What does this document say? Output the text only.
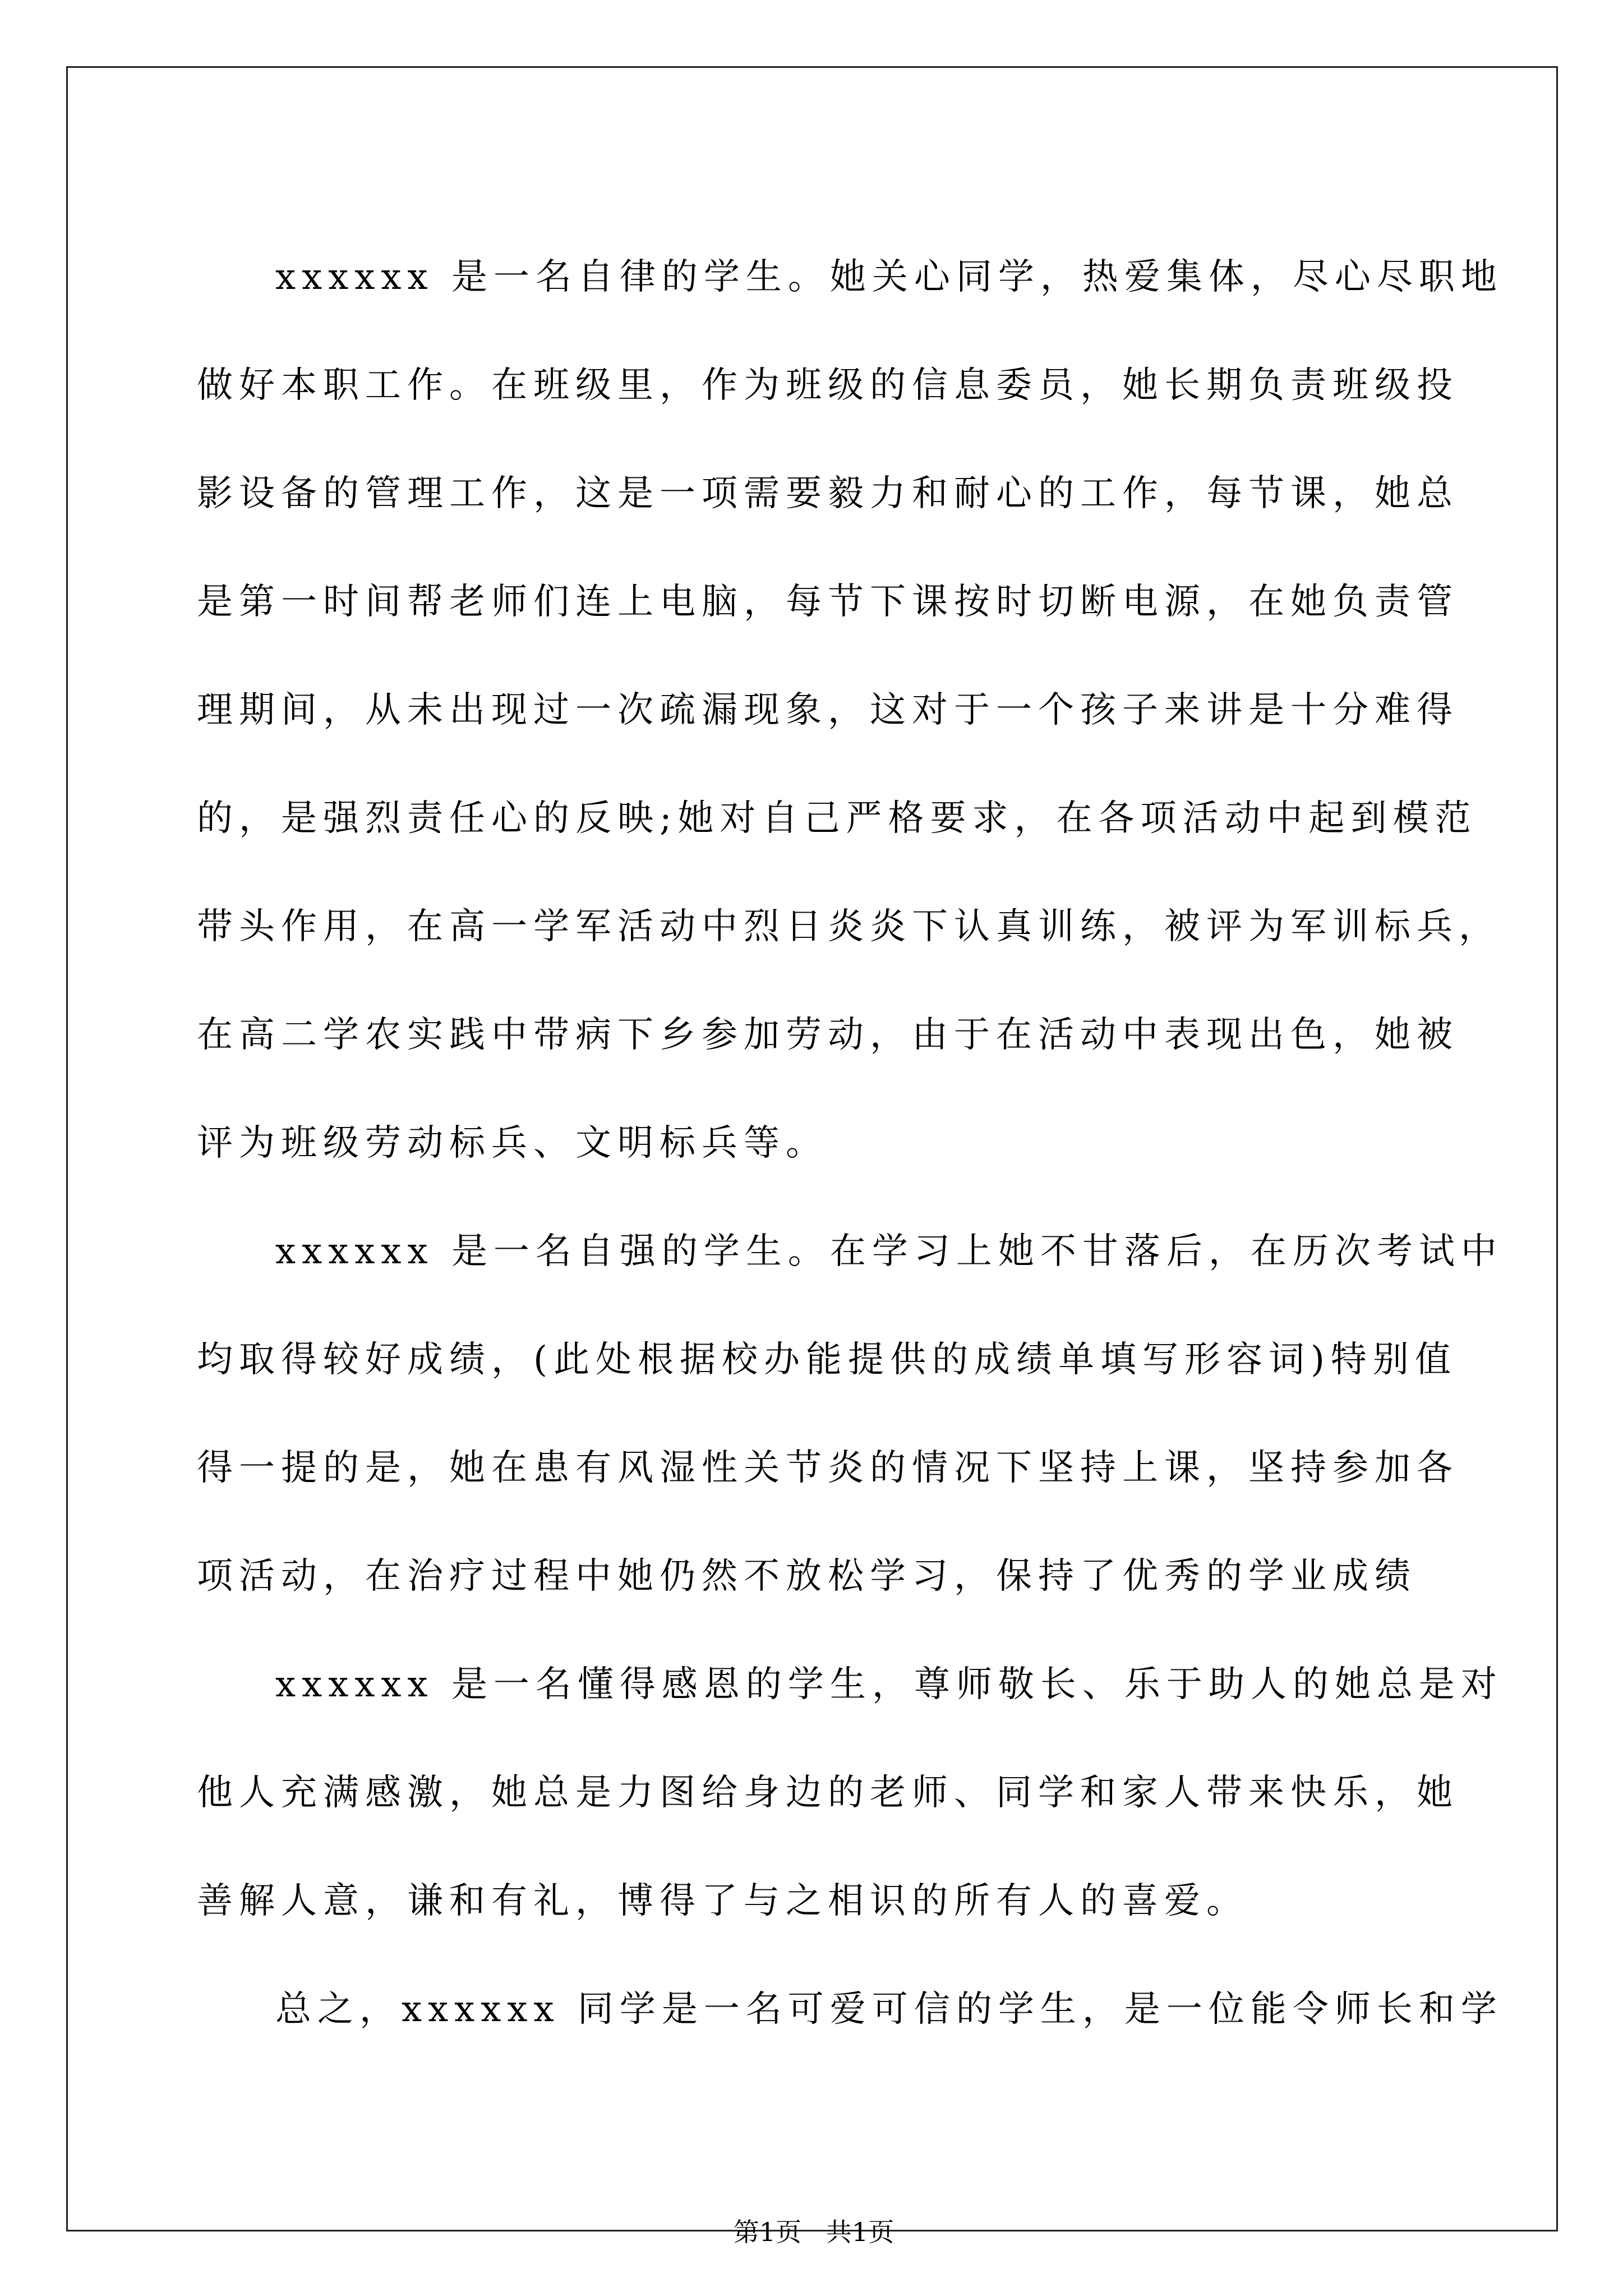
xxxxxx 是一名自律的学生。她关心同学，热爱集体，尽心尽职地
做好本职工作。在班级里，作为班级的信息委员，她长期负责班级投
影设备的管理工作，这是一项需要毅力和耐心的工作，每节课，她总
是第一时间帮老师们连上电脑，每节下课按时切断电源，在她负责管
理期间，从未出现过一次疏漏现象，这对于一个孩子来讲是十分难得
的，是强烈责任心的反映;她对自己严格要求，在各项活动中起到模范
带头作用，在高一学军活动中烈日炎炎下认真训练，被评为军训标兵，
在高二学农实践中带病下乡参加劳动，由于在活动中表现出色，她被
评为班级劳动标兵、文明标兵等。
xxxxxx 是一名自强的学生。在学习上她不甘落后，在历次考试中
均取得较好成绩，(此处根据校办能提供的成绩单填写形容词)特别值
得一提的是，她在患有风湿性关节炎的情况下坚持上课，坚持参加各
项活动，在治疗过程中她仍然不放松学习，保持了优秀的学业成绩
xxxxxx 是一名懂得感恩的学生，尊师敬长、乐于助人的她总是对
他人充满感激，她总是力图给身边的老师、同学和家人带来快乐，她
善解人意，谦和有礼，博得了与之相识的所有人的喜爱。
总之，xxxxxx 同学是一名可爱可信的学生，是一位能令师长和学
第1页   共1页
